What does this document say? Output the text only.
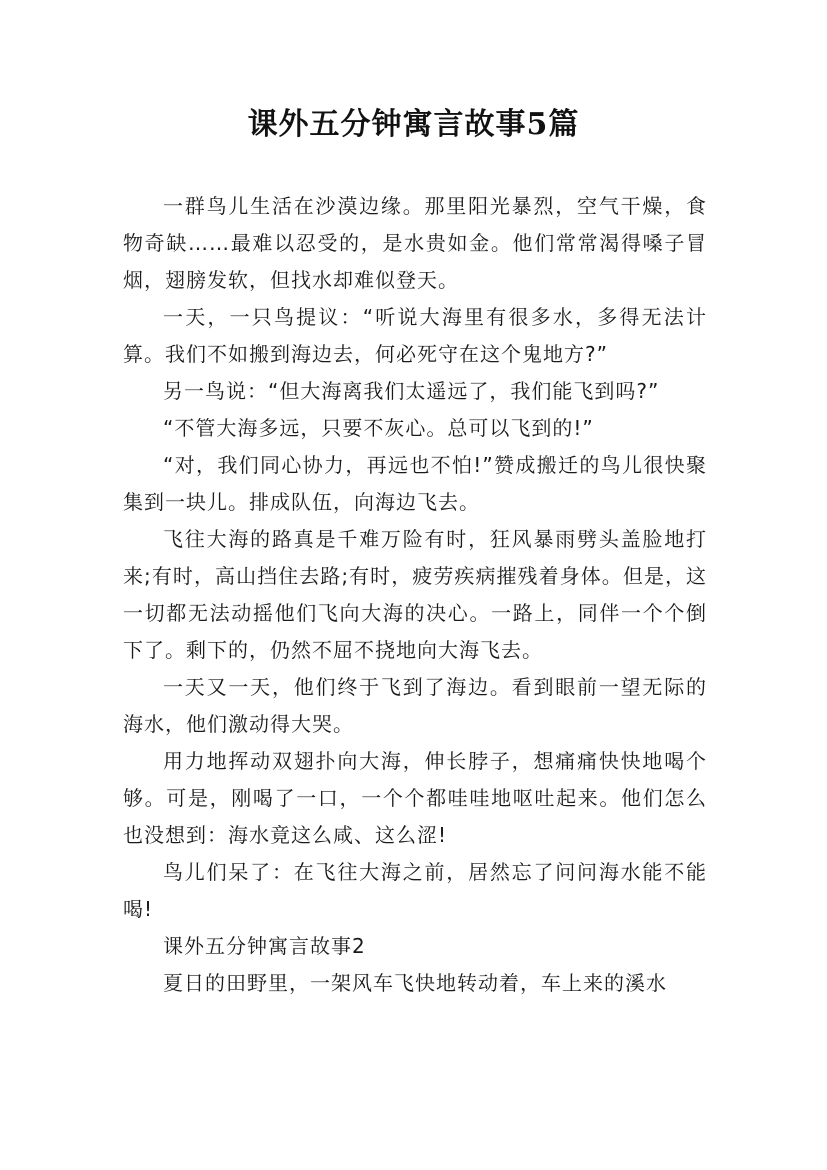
课外五分钟寓言故事5篇

一群鸟儿生活在沙漠边缘。那里阳光暴烈，空气干燥，食物奇缺……最难以忍受的，是水贵如金。他们常常渴得嗓子冒烟，翅膀发软，但找水却难似登天。

一天，一只鸟提议：“听说大海里有很多水，多得无法计算。我们不如搬到海边去，何必死守在这个鬼地方?”

另一鸟说：“但大海离我们太遥远了，我们能飞到吗?”

“不管大海多远，只要不灰心。总可以飞到的!”

“对，我们同心协力，再远也不怕!”赞成搬迁的鸟儿很快聚集到一块儿。排成队伍，向海边飞去。

飞往大海的路真是千难万险有时，狂风暴雨劈头盖脸地打来;有时，高山挡住去路;有时，疲劳疾病摧残着身体。但是，这一切都无法动摇他们飞向大海的决心。一路上，同伴一个个倒下了。剩下的，仍然不屈不挠地向大海飞去。

一天又一天，他们终于飞到了海边。看到眼前一望无际的海水，他们激动得大哭。

用力地挥动双翅扑向大海，伸长脖子，想痛痛快快地喝个够。可是，刚喝了一口，一个个都哇哇地呕吐起来。他们怎么也没想到：海水竟这么咸、这么涩!

鸟儿们呆了：在飞往大海之前，居然忘了问问海水能不能喝!

课外五分钟寓言故事2

夏日的田野里，一架风车飞快地转动着，车上来的溪水
